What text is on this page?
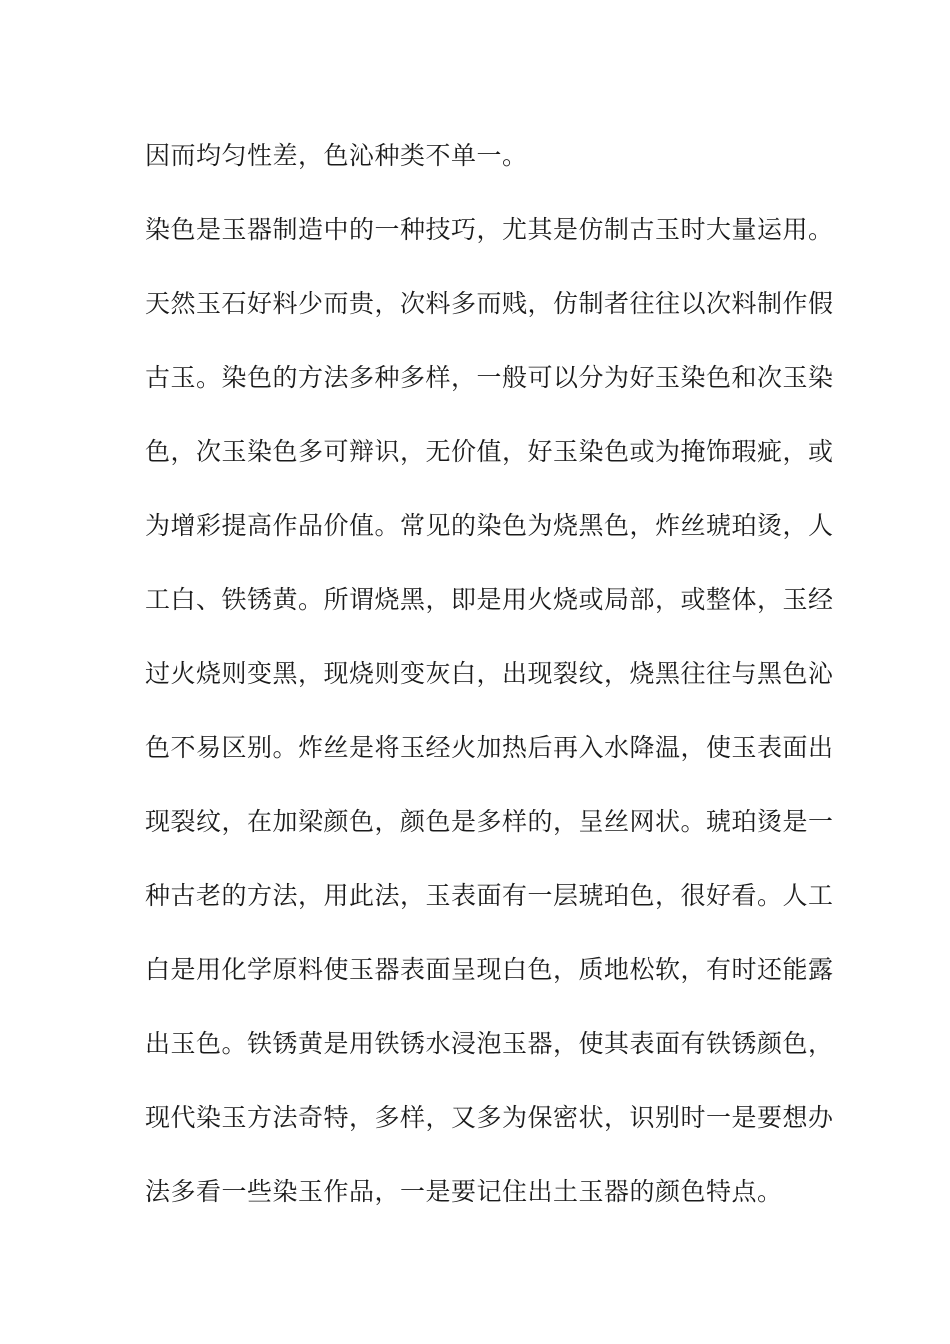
因而均匀性差，色沁种类不单一。
染色是玉器制造中的一种技巧，尤其是仿制古玉时大量运用。
天然玉石好料少而贵，次料多而贱，仿制者往往以次料制作假
古玉。染色的方法多种多样，一般可以分为好玉染色和次玉染
色，次玉染色多可辩识，无价值，好玉染色或为掩饰瑕疵，或
为增彩提高作品价值。常见的染色为烧黑色，炸丝琥珀烫，人
工白、铁锈黄。所谓烧黑，即是用火烧或局部，或整体，玉经
过火烧则变黑，现烧则变灰白，出现裂纹，烧黑往往与黑色沁
色不易区别。炸丝是将玉经火加热后再入水降温，使玉表面出
现裂纹，在加梁颜色，颜色是多样的，呈丝网状。琥珀烫是一
种古老的方法，用此法，玉表面有一层琥珀色，很好看。人工
白是用化学原料使玉器表面呈现白色，质地松软，有时还能露
出玉色。铁锈黄是用铁锈水浸泡玉器，使其表面有铁锈颜色，
现代染玉方法奇特，多样，又多为保密状，识别时一是要想办
法多看一些染玉作品，一是要记住出土玉器的颜色特点。
